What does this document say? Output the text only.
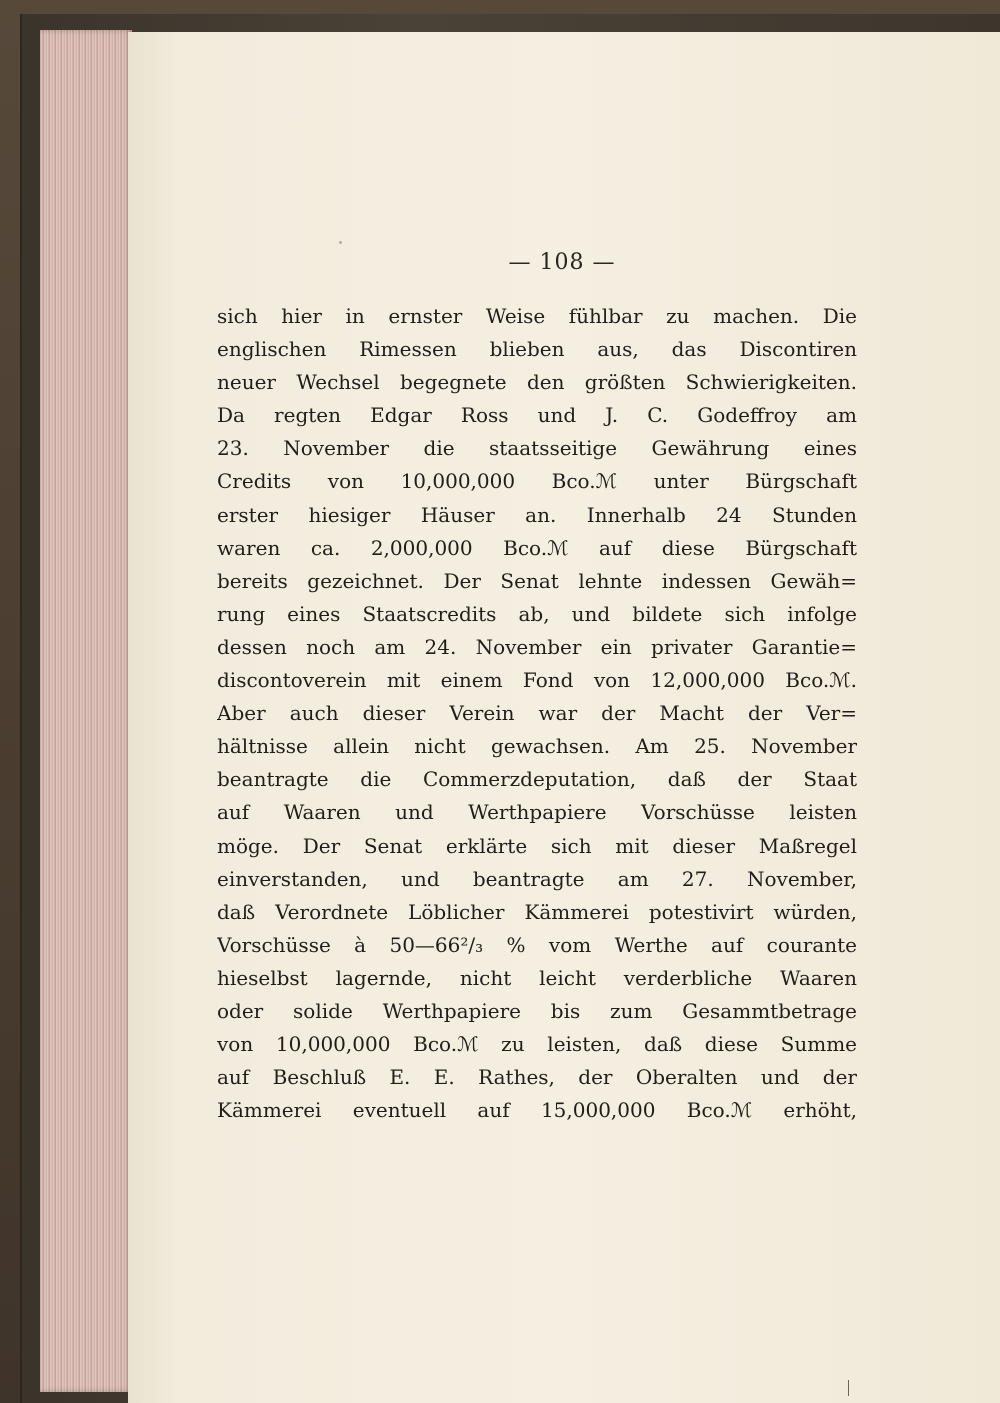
— 108 —
sich hier in ernster Weise fühlbar zu machen. Die
englischen Rimessen blieben aus, das Discontiren
neuer Wechsel begegnete den größten Schwierigkeiten.
Da regten Edgar Ross und J. C. Godeffroy am
23. November die staatsseitige Gewährung eines
Credits von 10,000,000 Bco.ℳ unter Bürgschaft
erster hiesiger Häuser an. Innerhalb 24 Stunden
waren ca. 2,000,000 Bco.ℳ auf diese Bürgschaft
bereits gezeichnet. Der Senat lehnte indessen Gewäh=
rung eines Staatscredits ab, und bildete sich infolge
dessen noch am 24. November ein privater Garantie=
discontoverein mit einem Fond von 12,000,000 Bco.ℳ.
Aber auch dieser Verein war der Macht der Ver=
hältnisse allein nicht gewachsen. Am 25. November
beantragte die Commerzdeputation, daß der Staat
auf Waaren und Werthpapiere Vorschüsse leisten
möge. Der Senat erklärte sich mit dieser Maßregel
einverstanden, und beantragte am 27. November,
daß Verordnete Löblicher Kämmerei potestivirt würden,
Vorschüsse à 50—66²/₃ % vom Werthe auf courante
hieselbst lagernde, nicht leicht verderbliche Waaren
oder solide Werthpapiere bis zum Gesammtbetrage
von 10,000,000 Bco.ℳ zu leisten, daß diese Summe
auf Beschluß E. E. Rathes, der Oberalten und der
Kämmerei eventuell auf 15,000,000 Bco.ℳ erhöht,
